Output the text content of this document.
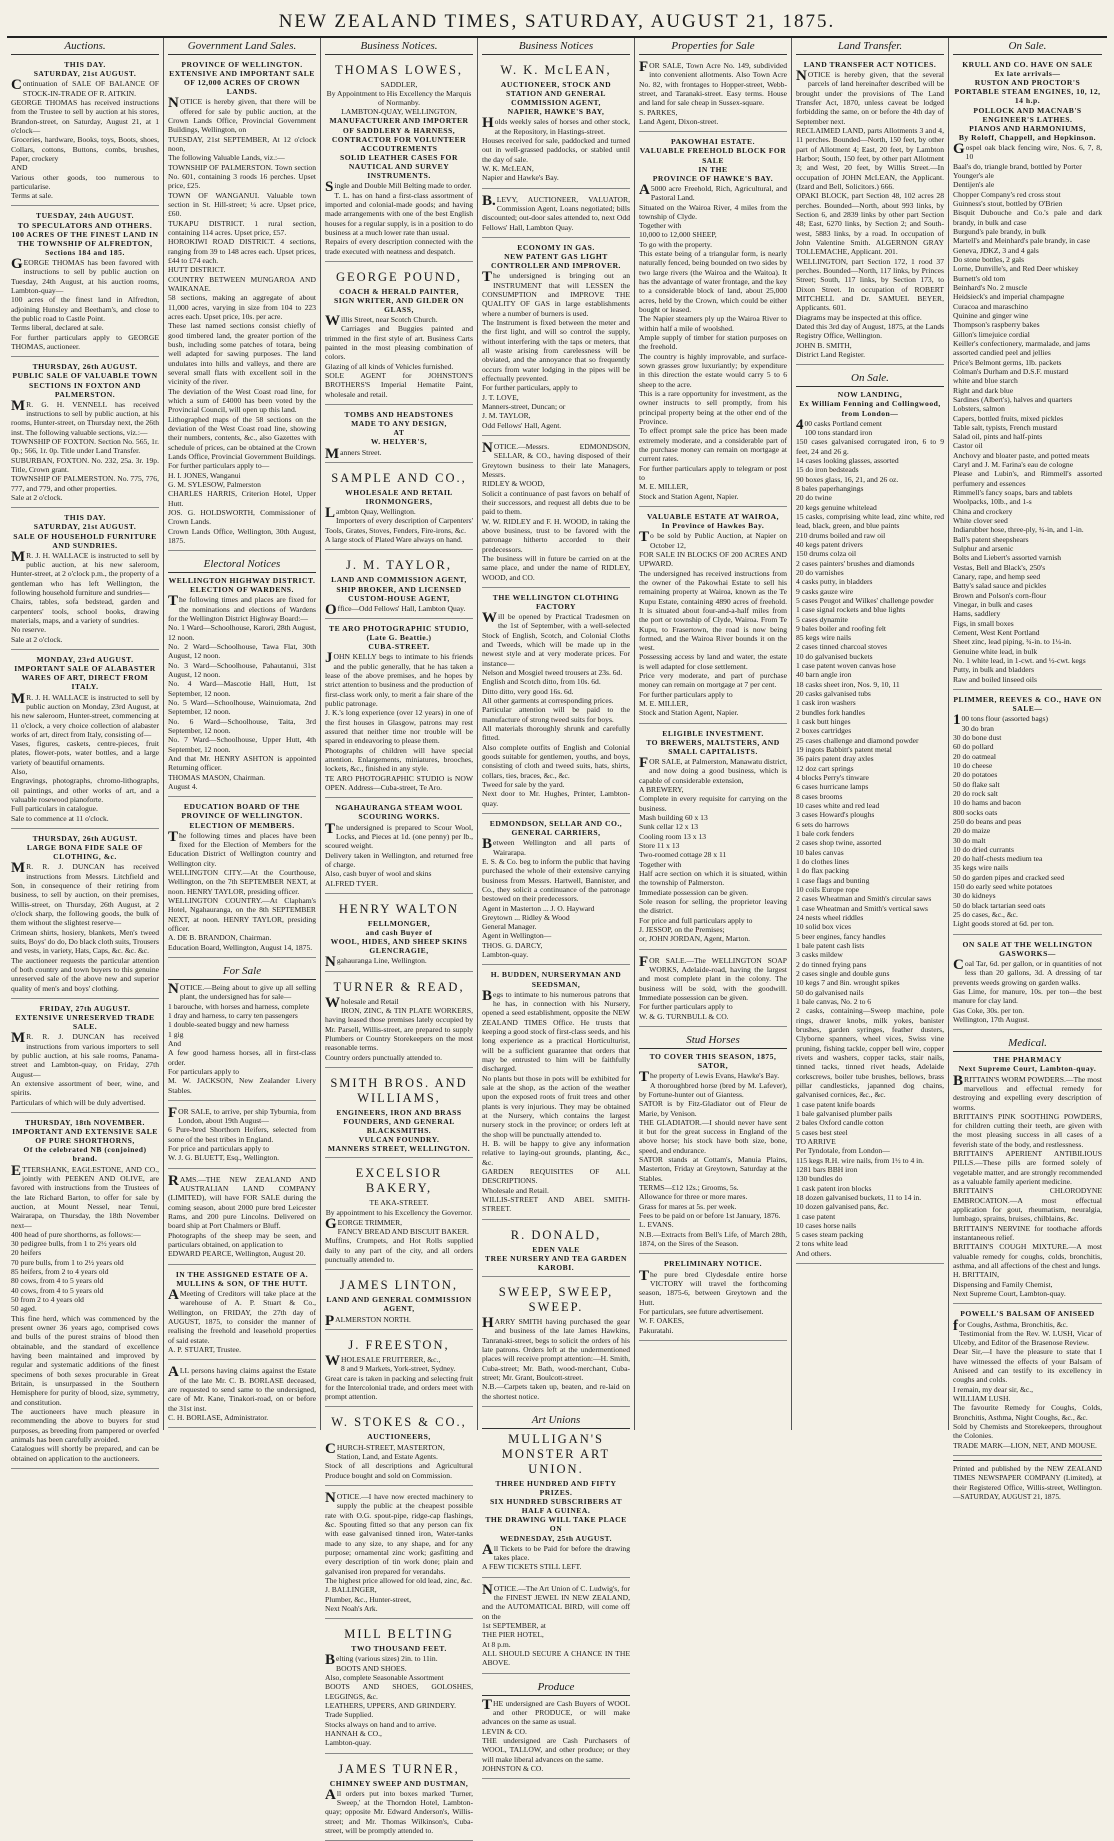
NEW ZEALAND TIMES, SATURDAY, AUGUST 21, 1875.
Auctions.
THIS DAY.
SATURDAY, 21st AUGUST.
Continuation of SALE OF BALANCE OF STOCK-IN-TRADE OF R. AITKIN.
GEORGE THOMAS has received instructions from the Trustee to sell by auction at his stores, Brandon-street, on Saturday, August 21, at 1 o'clock—
Groceries, hardware, Books, toys, Boots, shoes, Collars, cottons, Buttons, combs, brushes, Paper, crockery
AND
Various other goods, too numerous to particularise.
Terms at sale.
TUESDAY, 24th AUGUST.
TO SPECULATORS AND OTHERS.
100 ACRES OF THE FINEST LAND IN THE TOWNSHIP OF ALFREDTON, Sections 184 and 185.
GEORGE THOMAS has been favored with instructions to sell by public auction on Tuesday, 24th August, at his auction rooms, Lambton-quay—
100 acres of the finest land in Alfredton, adjoining Hunsley and Beetham's, and close to the public road to Castle Point.
Terms liberal, declared at sale.
For further particulars apply to GEORGE THOMAS, auctioneer.
THURSDAY, 26th AUGUST.
PUBLIC SALE OF VALUABLE TOWN SECTIONS IN FOXTON AND PALMERSTON.
MR. G. H. VENNELL has received instructions to sell by public auction, at his rooms, Hunter-street, on Thursday next, the 26th inst. The following valuable sections, viz.:—
TOWNSHIP OF FOXTON. Section No. 565, 1r. 0p.; 566, 1r. 0p. Title under Land Transfer.
SUBURBAN, FOXTON. No. 232, 25a. 3r. 19p. Title, Crown grant.
TOWNSHIP OF PALMERSTON. No. 775, 776, 777, and 779, and other properties.
Sale at 2 o'clock.
THIS DAY.
SATURDAY, 21st AUGUST.
SALE OF HOUSEHOLD FURNITURE AND SUNDRIES.
MR. J. H. WALLACE is instructed to sell by public auction, at his new saleroom, Hunter-street, at 2 o'clock p.m., the property of a gentleman who has left Wellington, the following household furniture and sundries—
Chairs, tables, sofa bedstead, garden and carpenters' tools, school books, drawing materials, maps, and a variety of sundries.
No reserve.
Sale at 2 o'clock.
MONDAY, 23rd AUGUST.
IMPORTANT SALE OF ALABASTER WARES OF ART, DIRECT FROM ITALY.
MR. J. H. WALLACE is instructed to sell by public auction on Monday, 23rd August, at his new saleroom, Hunter-street, commencing at 11 o'clock, a very choice collection of alabaster works of art, direct from Italy, consisting of—
Vases, figures, caskets, centre-pieces, fruit plates, flower-pots, water bottles, and a large variety of beautiful ornaments.
Also,
Engravings, photographs, chromo-lithographs, oil paintings, and other works of art, and a valuable rosewood pianoforte.
Full particulars in catalogue.
Sale to commence at 11 o'clock.
THURSDAY, 26th AUGUST.
LARGE BONA FIDE SALE OF CLOTHING, &c.
MR. R. J. DUNCAN has received instructions from Messrs. Litchfield and Son, in consequence of their retiring from business, to sell by auction, on their premises, Willis-street, on Thursday, 26th August, at 2 o'clock sharp, the following goods, the bulk of them without the slightest reserve—
Crimean shirts, hosiery, blankets, Men's tweed suits, Boys' do do, Do black cloth suits, Trousers and vests, in variety, Hats, Caps, &c. &c. &c.
The auctioneer requests the particular attention of both country and town buyers to this genuine unreserved sale of the above new and superior quality of men's and boys' clothing.
FRIDAY, 27th AUGUST.
EXTENSIVE UNRESERVED TRADE SALE.
MR. R. J. DUNCAN has received instructions from various importers to sell by public auction, at his sale rooms, Panama-street and Lambton-quay, on Friday, 27th August—
An extensive assortment of beer, wine, and spirits.
Particulars of which will be duly advertised.
THURSDAY, 18th NOVEMBER.
IMPORTANT AND EXTENSIVE SALE OF PURE SHORTHORNS,
Of the celebrated NB (conjoined) brand.
ETTERSHANK, EAGLESTONE, AND CO., jointly with PEEKEN AND OLIVE, are favored with instructions from the Trustees of the late Richard Barton, to offer for sale by auction, at Mount Nessel, near Tenui, Wairarapa, on Thursday, the 18th November next—
400 head of pure shorthorns, as follows:—
30 pedigree bulls, from 1 to 2½ years old
20 heifers
70 pure bulls, from 1 to 2½ years old
85 heifers, from 2 to 4 years old
80 cows, from 4 to 5 years old
40 cows, from 4 to 5 years old
50 from 2 to 4 years old
50 aged.
This fine herd, which was commenced by the present owner 36 years ago, comprised cows and bulls of the purest strains of blood then obtainable, and the standard of excellence having been maintained and improved by regular and systematic additions of the finest specimens of both sexes procurable in Great Britain, is unsurpassed in the Southern Hemisphere for purity of blood, size, symmetry, and constitution.
The auctioneers have much pleasure in recommending the above to buyers for stud purposes, as breeding from pampered or overfed animals has been carefully avoided.
Catalogues will shortly be prepared, and can be obtained on application to the auctioneers.
Government Land Sales.
PROVINCE OF WELLINGTON.
EXTENSIVE AND IMPORTANT SALE OF 12,000 ACRES OF CROWN LANDS.
NOTICE is hereby given, that there will be offered for sale by public auction, at the Crown Lands Office, Provincial Government Buildings, Wellington, on
TUESDAY, 21st SEPTEMBER, At 12 o'clock noon,
The following Valuable Lands, viz.:—
TOWNSHIP OF PALMERSTON. Town section No. 601, containing 3 roods 16 perches. Upset price, £25.
TOWN OF WANGANUI. Valuable town section in St. Hill-street; ¼ acre. Upset price, £60.
TUKAPU DISTRICT. 1 rural section, containing 114 acres. Upset price, £57.
HOROKIWI ROAD DISTRICT. 4 sections, ranging from 39 to 148 acres each. Upset prices, £44 to £74 each.
HUTT DISTRICT.
COUNTRY BETWEEN MUNGAROA AND WAIKANAE.
58 sections, making an aggregate of about 11,000 acres, varying in size from 104 to 223 acres each. Upset price, 10s. per acre.
These last named sections consist chiefly of good timbered land, the greater portion of the bush, including some patches of totara, being well adapted for sawing purposes. The land undulates into hills and valleys, and there are several small flats with excellent soil in the vicinity of the river.
The deviation of the West Coast road line, for which a sum of £4000 has been voted by the Provincial Council, will open up this land.
Lithographed maps of the 58 sections on the deviation of the West Coast road line, showing their numbers, contents, &c., also Gazettes with schedule of prices, can be obtained at the Crown Lands Office, Provincial Government Buildings.
For further particulars apply to—
H. I. JONES, Wanganui
G. M. SYLESOW, Palmerston
CHARLES HARRIS, Criterion Hotel, Upper Hutt.
JOS. G. HOLDSWORTH, Commissioner of Crown Lands.
Crown Lands Office, Wellington, 30th August, 1875.
Electoral Notices
WELLINGTON HIGHWAY DISTRICT.
ELECTION OF WARDENS.
The following times and places are fixed for the nominations and elections of Wardens for the Wellington District Highway Board:—
No. 1 Ward—Schoolhouse, Karori, 28th August, 12 noon.
No. 2 Ward—Schoolhouse, Tawa Flat, 30th August, 12 noon.
No. 3 Ward—Schoolhouse, Pahautanui, 31st August, 12 noon.
No. 4 Ward—Mascotie Hall, Hutt, 1st September, 12 noon.
No. 5 Ward—Schoolhouse, Wainuiomata, 2nd September, 12 noon.
No. 6 Ward—Schoolhouse, Taita, 3rd September, 12 noon.
No. 7 Ward—Schoolhouse, Upper Hutt, 4th September, 12 noon.
And that Mr. HENRY ASHTON is appointed Returning officer.
THOMAS MASON, Chairman.
August 4.
EDUCATION BOARD OF THE PROVINCE OF WELLINGTON.
ELECTION OF MEMBERS.
The following times and places have been fixed for the Election of Members for the Education District of Wellington country and Wellington city.
WELLINGTON CITY.—At the Courthouse, Wellington, on the 7th SEPTEMBER NEXT, at noon. HENRY TAYLOR, presiding officer.
WELLINGTON COUNTRY.—At Clapham's Hotel, Ngahauranga, on the 8th SEPTEMBER NEXT, at noon. HENRY TAYLOR, presiding officer.
A. DE B. BRANDON, Chairman.
Education Board, Wellington, August 14, 1875.
For Sale
NOTICE.—Being about to give up all selling plant, the undersigned has for sale—
1 barouche, with horses and harness, complete
1 dray and harness, to carry ten passengers
1 double-seated buggy and new harness
1 gig
And
A few good harness horses, all in first-class order.
For particulars apply to
M. W. JACKSON, New Zealander Livery Stables.
FOR SALE, to arrive, per ship Tyburnia, from London, about 19th August—
6 Pure-bred Shorthorn Heifers, selected from some of the best tribes in England.
For price and particulars apply to
W. J. G. BLUETT, Esq., Wellington.
RAMS.—THE NEW ZEALAND AND AUSTRALIAN LAND COMPANY (LIMITED), will have FOR SALE during the coming season, about 2000 pure bred Leicester Rams, and 200 pure Lincolns. Delivered on board ship at Port Chalmers or Bluff.
Photographs of the sheep may be seen, and particulars obtained, on application to
EDWARD PEARCE, Wellington, August 20.
IN THE ASSIGNED ESTATE OF A. MULLINS & SON, OF THE HUTT.
AMeeting of Creditors will take place at the warehouse of A. P. Stuart & Co., Wellington, on FRIDAY, the 27th day of AUGUST, 1875, to consider the manner of realising the freehold and leasehold properties of said estate.
A. P. STUART, Trustee.
ALL persons having claims against the Estate of the late Mr. C. B. BORLASE deceased, are requested to send same to the undersigned, care of Mr. Kane, Tinakori-road, on or before the 31st inst.
C. H. BORLASE, Administrator.
Business Notices.
THOMAS LOWES,
SADDLER,
By Appointment to His Excellency the Marquis of Normanby.
LAMBTON-QUAY, WELLINGTON,
MANUFACTURER AND IMPORTER OF SADDLERY & HARNESS,
CONTRACTOR FOR VOLUNTEER ACCOUTREMENTS
SOLID LEATHER CASES FOR NAUTICAL AND SURVEY INSTRUMENTS.
Single and Double Mill Belting made to order.
T. L. has on hand a first-class assortment of imported and colonial-made goods; and having made arrangements with one of the best English houses for a regular supply, is in a position to do business at a much lower rate than usual.
Repairs of every description connected with the trade executed with neatness and despatch.
GEORGE POUND,
COACH & HERALD PAINTER,
SIGN WRITER, AND GILDER ON GLASS,
Willis Street, near Scotch Church.
Carriages and Buggies painted and trimmed in the first style of art. Business Carts painted in the most pleasing combination of colors.
Glazing of all kinds of Vehicles furnished.
SOLE AGENT for JOHNSTON'S BROTHERS'S Imperial Hematite Paint, wholesale and retail.
TOMBS AND HEADSTONES
MADE TO ANY DESIGN,
AT
W. HELYER'S,
Manners Street.
SAMPLE AND CO.,
WHOLESALE AND RETAIL IRONMONGERS,
Lambton Quay, Wellington.
Importers of every description of Carpenters' Tools, Grates, Stoves, Fenders, Fire-irons, &c.
A large stock of Plated Ware always on hand.
J. M. TAYLOR,
LAND AND COMMISSION AGENT, SHIP BROKER, AND LICENSED CUSTOM-HOUSE AGENT,
Office—Odd Fellows' Hall, Lambton Quay.
TE ARO PHOTOGRAPHIC STUDIO,
(Late G. Beattie.)
CUBA-STREET.
JOHN KELLY begs to intimate to his friends and the public generally, that he has taken a lease of the above premises, and he hopes by strict attention to business and the production of first-class work only, to merit a fair share of the public patronage.
J. K.'s long experience (over 12 years) in one of the first houses in Glasgow, patrons may rest assured that neither time nor trouble will be spared in endeavoring to please them.
Photographs of children will have special attention. Enlargements, miniatures, brooches, lockets, &c., finished in any style.
TE ARO PHOTOGRAPHIC STUDIO is NOW OPEN. Address—Cuba-street, Te Aro.
NGAHAURANGA STEAM WOOL SCOURING WORKS.
The undersigned is prepared to Scour Wool, Locks, and Pieces at 1d. (one penny) per lb., scoured weight.
Delivery taken in Wellington, and returned free of charge.
Also, cash buyer of wool and skins
ALFRED TYER.
HENRY WALTON
FELLMONGER,
and cash Buyer of
WOOL, HIDES, AND SHEEP SKINS
GLENCRAGIE,
Ngahauranga Line, Wellington.
TURNER & READ,
Wholesale and Retail
IRON, ZINC, & TIN PLATE WORKERS, having leased those premises lately occupied by Mr. Parsell, Willis-street, are prepared to supply Plumbers or Country Storekeepers on the most reasonable terms.
Country orders punctually attended to.
SMITH BROS. AND WILLIAMS,
ENGINEERS, IRON AND BRASS FOUNDERS, AND GENERAL BLACKSMITHS.
VULCAN FOUNDRY.
MANNERS STREET, WELLINGTON.
EXCELSIOR BAKERY,
TE AKA-STREET.
By appointment to his Excellency the Governor.
GEORGE TRIMMER,
FANCY BREAD AND BISCUIT BAKER.
Muffins, Crumpets, and Hot Rolls supplied daily to any part of the city, and all orders punctually attended to.
JAMES LINTON,
LAND AND GENERAL COMMISSION AGENT,
PALMERSTON NORTH.
J. FREESTON,
WHOLESALE FRUITERER, &c.,
8 and 9 Markets, York-street, Sydney.
Great care is taken in packing and selecting fruit for the Intercolonial trade, and orders meet with prompt attention.
W. STOKES & CO.,
AUCTIONEERS,
CHURCH-STREET, MASTERTON,
Station, Land, and Estate Agents.
Stock of all descriptions and Agricultural Produce bought and sold on Commission.
NOTICE.—I have now erected machinery to supply the public at the cheapest possible rate with O.G. spout-pipe, ridge-cap flashings, &c. Spouting fitted so that any person can fix with ease galvanised tinned iron, Water-tanks made to any size, to any shape, and for any purpose; ornamental zinc work; gasfitting and every description of tin work done; plain and galvanised iron prepared for verandahs.
The highest price allowed for old lead, zinc, &c.
J. BALLINGER,
Plumber, &c., Hunter-street,
Next Noah's Ark.
MILL BELTING
TWO THOUSAND FEET.
Belting (various sizes) 2in. to 11in.
BOOTS AND SHOES.
Also, complete Seasonable Assortment
BOOTS AND SHOES, GOLOSHES, LEGGINGS, &c.
LEATHERS, UPPERS, AND GRINDERY.
Trade Supplied.
Stocks always on hand and to arrive.
HANNAH & CO.,
Lambton-quay.
JAMES TURNER,
CHIMNEY SWEEP AND DUSTMAN,
All orders put into boxes marked 'Turner, Sweep,' at the Thorndon Hotel, Lambton-quay; opposite Mr. Edward Anderson's, Willis-street; and Mr. Thomas Wilkinson's, Cuba-street, will be promptly attended to.
Business Notices
W. K. McLEAN,
AUCTIONEER, STOCK AND STATION AND GENERAL COMMISSION AGENT,
NAPIER, HAWKE'S BAY,
Holds weekly sales of horses and other stock, at the Repository, in Hastings-street.
Houses received for sale, paddocked and turned out in well-grassed paddocks, or stabled until the day of sale.
W. K. McLEAN,
Napier and Hawke's Bay.
B.LEVY, AUCTIONEER, VALUATOR, Commission Agent, Loans negotiated; bills discounted; out-door sales attended to, next Odd Fellows' Hall, Lambton Quay.
ECONOMY IN GAS.
NEW PATENT GAS LIGHT CONTROLLER AND IMPROVER.
The undersigned is bringing out an INSTRUMENT that will LESSEN the CONSUMPTION and IMPROVE THE QUALITY OF GAS in large establishments where a number of burners is used.
The Instrument is fixed between the meter and the first light, and will so control the supply, without interfering with the taps or meters, that all waste arising from carelessness will be obviated, and the annoyance that so frequently occurs from water lodging in the pipes will be effectually prevented.
For further particulars, apply to
J. T. LOVE,
Manners-street, Duncan; or
J. M. TAYLOR,
Odd Fellows' Hall, Agent.
NOTICE.—Messrs. EDMONDSON, SELLAR, & CO., having disposed of their Greytown business to their late Managers, Messrs.
RIDLEY & WOOD,
Solicit a continuance of past favors on behalf of their successors, and request all debts due to be paid to them.
W. W. RIDLEY and F. H. WOOD, in taking the above business, trust to be favored with the patronage hitherto accorded to their predecessors.
The business will in future be carried on at the same place, and under the name of RIDLEY, WOOD, and CO.
THE WELLINGTON CLOTHING FACTORY
Will be opened by Practical Tradesmen on the 1st of September, with a well-selected Stock of English, Scotch, and Colonial Cloths and Tweeds, which will be made up in the newest style and at very moderate prices. For instance—
Nelson and Mosgiel tweed trousers at 23s. 6d.
English and Scotch ditto, from 10s. 6d.
Ditto ditto, very good 16s. 6d.
All other garments at corresponding prices.
Particular attention will be paid to the manufacture of strong tweed suits for boys.
All materials thoroughly shrunk and carefully fitted.
Also complete outfits of English and Colonial goods suitable for gentlemen, youths, and boys, consisting of cloth and tweed suits, hats, shirts, collars, ties, braces, &c., &c.
Tweed for sale by the yard.
Next door to Mr. Hughes, Printer, Lambton-quay.
EDMONDSON, SELLAR AND CO.,
GENERAL CARRIERS,
Between Wellington and all parts of Wairarapa.
E. S. & Co. beg to inform the public that having purchased the whole of their extensive carrying business from Messrs. Hartwell, Bannister, and Co., they solicit a continuance of the patronage bestowed on their predecessors.
Agent in Masterton ... J. O. Hayward
Greytown ... Ridley & Wood
General Manager.
Agent in Wellington—
THOS. G. DARCY,
Lambton-quay.
H. BUDDEN, NURSERYMAN AND SEEDSMAN,
Begs to intimate to his numerous patrons that he has, in connection with his Nursery, opened a seed establishment, opposite the NEW ZEALAND TIMES Office. He trusts that keeping a good stock of first-class seeds, and his long experience as a practical Horticulturist, will be a sufficient guarantee that orders that may be entrusted to him will be faithfully discharged.
No plants but those in pots will be exhibited for sale at the shop, as the action of the weather upon the exposed roots of fruit trees and other plants is very injurious. They may be obtained at the Nursery, which contains the largest nursery stock in the province; or orders left at the shop will be punctually attended to.
H. B. will be happy to give any information relative to laying-out grounds, planting, &c., &c.
GARDEN REQUISITES OF ALL DESCRIPTIONS.
Wholesale and Retail.
WILLIS-STREET AND ABEL SMITH-STREET.
R. DONALD,
EDEN VALE
TREE NURSERY AND TEA GARDEN KAROBI.
SWEEP, SWEEP, SWEEP.
HARRY SMITH having purchased the gear and business of the late James Hawkins, Tanranaki-street, begs to solicit the orders of his late patrons. Orders left at the undermentioned places will receive prompt attention:—H. Smith, Cuba-street; Mr. Bath, wood-merchant, Cuba-street; Mr. Grant, Boulcott-street.
N.B.—Carpets taken up, beaten, and re-laid on the shortest notice.
Art Unions
MULLIGAN'S MONSTER ART UNION.
THREE HUNDRED AND FIFTY PRIZES.
SIX HUNDRED SUBSCRIBERS AT HALF A GUINEA.
THE DRAWING WILL TAKE PLACE ON
WEDNESDAY, 25th AUGUST.
All Tickets to be Paid for before the drawing takes place.
A FEW TICKETS STILL LEFT.
NOTICE.—The Art Union of C. Ludwig's, for the FINEST JEWEL IN NEW ZEALAND, and the AUTOMATICAL BIRD, will come off on the
1st SEPTEMBER, at
THE PIER HOTEL,
At 8 p.m.
ALL SHOULD SECURE A CHANCE IN THE ABOVE.
Produce
THE undersigned are Cash Buyers of WOOL and other PRODUCE, or will make advances on the same as usual.
LEVIN & CO.
THE undersigned are Cash Purchasers of WOOL, TALLOW, and other produce; or they will make liberal advances on the same.
JOHNSTON & CO.
Properties for Sale
FOR SALE, Town Acre No. 149, subdivided into convenient allotments. Also Town Acre No. 82, with frontages to Hopper-street, Webb-street, and Taranaki-street. Easy terms. House and land for sale cheap in Sussex-square.
S. PARKES,
Land Agent, Dixon-street.
PAKOWHAI ESTATE.
VALUABLE FREEHOLD BLOCK FOR SALE
IN THE
PROVINCE OF HAWKE'S BAY.
A5000 acre Freehold, Rich, Agricultural, and Pastoral Land.
Situated on the Wairoa River, 4 miles from the township of Clyde.
Together with
10,000 to 12,000 SHEEP,
To go with the property.
This estate being of a triangular form, is nearly naturally fenced, being bounded on two sides by two large rivers (the Wairoa and the Waitoa). It has the advantage of water frontage, and the key to a considerable block of land, about 25,000 acres, held by the Crown, which could be either bought or leased.
The Napier steamers ply up the Wairoa River to within half a mile of woolshed.
Ample supply of timber for station purposes on the freehold.
The country is highly improvable, and surface-sown grasses grow luxuriantly; by expenditure in this direction the estate would carry 5 to 6 sheep to the acre.
This is a rare opportunity for investment, as the owner instructs to sell promptly, from his principal property being at the other end of the Province.
To effect prompt sale the price has been made extremely moderate, and a considerable part of the purchase money can remain on mortgage at current rates.
For further particulars apply to telegram or post to
M. E. MILLER,
Stock and Station Agent, Napier.
VALUABLE ESTATE AT WAIROA,
In Province of Hawkes Bay.
To be sold by Public Auction, at Napier on October 12,
FOR SALE IN BLOCKS OF 200 ACRES AND UPWARD.
The undersigned has received instructions from the owner of the Pakowhai Estate to sell his remaining property at Wairoa, known as the Te Kupu Estate, containing 4890 acres of freehold. It is situated about four-and-a-half miles from the port or township of Clyde, Wairoa. From Te Kupu, to Frasertown, the road is now being formed, and the Wairoa River bounds it on the west.
Possessing access by land and water, the estate is well adapted for close settlement.
Price very moderate, and part of purchase money can remain on mortgage at 7 per cent.
For further particulars apply to
M. E. MILLER,
Stock and Station Agent, Napier.
ELIGIBLE INVESTMENT.
TO BREWERS, MALTSTERS, AND SMALL CAPITALISTS.
FOR SALE, at Palmerston, Manawatu district, and now doing a good business, which is capable of considerable extension,
A BREWERY,
Complete in every requisite for carrying on the business.
Mash building 60 x 13
Sunk cellar 12 x 13
Cooling room 13 x 13
Store 11 x 13
Two-roomed cottage 28 x 11
Together with
Half acre section on which it is situated, within the township of Palmerston.
Immediate possession can be given.
Sole reason for selling, the proprietor leaving the district.
For price and full particulars apply to
J. JESSOP, on the Premises;
or, JOHN JORDAN, Agent, Marton.
FOR SALE.—The WELLINGTON SOAP WORKS, Adelaide-road, having the largest and most complete plant in the colony. The business will be sold, with the goodwill. Immediate possession can be given.
For further particulars apply to
W. & G. TURNBULL & CO.
Stud Horses
TO COVER THIS SEASON, 1875,
SATOR,
The property of Lewis Evans, Hawke's Bay.
A thoroughbred horse (bred by M. Lafever), by Fortune-hunter out of Giantess.
SATOR is by Fitz-Gladiator out of Fleur de Marie, by Venison.
THE GLADIATOR.—I should never have sent it but for the great success in England of the above horse; his stock have both size, bone, speed, and endurance.
SATOR stands at Cottam's, Manuia Plains, Masterton, Friday at Greytown, Saturday at the Stables.
TERMS—£12 12s.; Grooms, 5s.
Allowance for three or more mares.
Grass for mares at 5s. per week.
Fees to be paid on or before 1st January, 1876.
L. EVANS.
N.B.—Extracts from Bell's Life, of March 28th, 1874, on the Sires of the Season.
PRELIMINARY NOTICE.
The pure bred Clydesdale entire horse VICTORY will travel the forthcoming season, 1875-6, between Greytown and the Hutt.
For particulars, see future advertisement.
W. F. OAKES,
Pakuratahi.
Land Transfer.
LAND TRANSFER ACT NOTICES.
NOTICE is hereby given, that the several parcels of land hereinafter described will be brought under the provisions of The Land Transfer Act, 1870, unless caveat be lodged forbidding the same, on or before the 4th day of September next.
RECLAIMED LAND, parts Allotments 3 and 4, 11 perches. Bounded—North, 150 feet, by other part of Allotment 4; East, 20 feet, by Lambton Harbor; South, 150 feet, by other part Allotment 3; and West, 20 feet, by Willis Street.—In occupation of JOHN McLEAN, the Applicant. (Izard and Bell, Solicitors.) 666.
OPAKI BLOCK, part Section 48, 102 acres 28 perches. Bounded—North, about 993 links, by Section 6, and 2839 links by other part Section 48; East, 6270 links, by Section 2; and South-west, 5883 links, by a road. In occupation of John Valentine Smith. ALGERNON GRAY TOLLEMACHE, Applicant. 201.
WELLINGTON, part Section 172, 1 rood 37 perches. Bounded—North, 117 links, by Princes Street; South, 117 links, by Section 173, to Dixon Street. In occupation of ROBERT MITCHELL and Dr. SAMUEL BEYER, Applicants. 601.
Diagrams may be inspected at this office.
Dated this 3rd day of August, 1875, at the Lands Registry Office, Wellington.
JOHN B. SMITH,
District Land Register.
On Sale.
NOW LANDING,
Ex William Fenning and Collingwood, from London—
400 casks Portland cement
100 tons standard iron
150 cases galvanised corrugated iron, 6 to 9 feet, 24 and 26 g.
14 cases looking glasses, assorted
15 do iron bedsteads
90 boxes glass, 16, 21, and 26 oz.
8 bales paperhangings
20 do twine
20 kegs genuine whitelead
15 casks, comprising white lead, zinc white, red lead, black, green, and blue paints
210 drums boiled and raw oil
40 kegs patent drivers
150 drums colza oil
2 cases painters' brushes and diamonds
20 do varnishes
4 casks putty, in bladders
9 casks gauze wire
5 cases Peugot and Wilkes' challenge powder
1 case signal rockets and blue lights
5 cases dynamite
9 bales boiler and roofing felt
85 kegs wire nails
2 cases tinned charcoal stoves
10 do galvanised buckets
1 case patent woven canvas hose
40 barn angle iron
18 casks sheet iron, Nos. 9, 10, 11
20 casks galvanised tubs
1 cask iron washers
2 bundles fork handles
1 cask butt hinges
2 boxes cartridges
25 cases challenge and diamond powder
19 ingots Babbitt's patent metal
36 pairs patent dray axles
12 doz cart springs
4 blocks Perry's tinware
6 cases hurricane lamps
8 cases brooms
10 cases white and red lead
3 cases Howard's ploughs
6 sets do harrows
1 bale cork fenders
2 cases shop twine, assorted
10 bales canvas
1 do clothes lines
1 do flax packing
1 case flags and bunting
10 coils Europe rope
2 cases Wheatman and Smith's circular saws
1 case Wheatman and Smith's vertical saws
24 nests wheel riddles
10 solid box vices
5 beer engines, fancy handles
1 bale patent cash lists
3 casks mildew
2 do tinned frying pans
2 cases single and double guns
10 kegs 7 and 8in. wrought spikes
50 do galvanised nails
1 bale canvas, No. 2 to 6
2 casks, containing—Sweep machine, pole rings, drawer knobs, milk yokes, banister brushes, garden syringes, feather dusters, Clyborne spanners, wheel vices, Swiss vine pruning, fishing tackle, copper bell wire, copper rivets and washers, copper tacks, stair nails, tinned tacks, tinned rivet heads, Adelaide corkscrews, boiler tube brushes, bellows, brass pillar candlesticks, japanned dog chains, galvanised cornices, &c., &c.
1 case patent knife boards
1 bale galvanised plumber pails
2 bales Oxford candle cotton
5 cases best steel
TO ARRIVE
Per Tyndotale, from London—
115 kegs R.H. wire nails, from 1½ to 4 in.
1281 bars BBH iron
130 bundles do
1 cask patent iron blocks
18 dozen galvanised buckets, 11 to 14 in.
10 dozen galvanised pans, &c.
1 case patent
10 cases horse nails
5 cases steam packing
2 tons white lead
And others.
On Sale.
KRULL AND CO. HAVE ON SALE
Ex late arrivals—
RUSTON AND PROCTOR'S PORTABLE STEAM ENGINES, 10, 12, 14 h.p.
POLLOCK AND MACNAB'S ENGINEER'S LATHES.
PIANOS AND HARMONIUMS,
By Roloff, Chappell, and Hopkinson.
Gospel oak black fencing wire, Nos. 6, 7, 8, 10
Baal's do, triangle brand, bottled by Porter
Younger's ale
Dentijen's ale
Chopper Company's red cross stout
Guinness's stout, bottled by O'Brien
Bisquit Dubouche and Co.'s pale and dark brandy, in bulk and case
Burgund's pale brandy, in bulk
Martell's and Meinhard's pale brandy, in case
Geneva, JDKZ, 3 and 4 gals
Do stone bottles, 2 gals
Lorne, Dunville's, and Red Deer whiskey
Burnett's old tom
Beinhard's No. 2 muscle
Heidsieck's and imperial champagne
Curacoa and maraschino
Quinine and ginger wine
Thompson's raspberry bakes
Gillon's limejuice cordial
Keiller's confectionery, marmalade, and jams
assorted candied peel and jellies
Price's Belmont germs, 1lb. packets
Colman's Durham and D.S.F. mustard
white and blue starch
Right and dark blue
Sardines (Albert's), halves and quarters
Lobsters, salmon
Capers, bottled fruits, mixed pickles
Table salt, typists, French mustard
Salad oil, pints and half-pints
Castor oil
Anchovy and bloater paste, and potted meats
Caryl and J. M. Farina's eau de cologne
Please and Lubin's, and Rimmell's assorted perfumery and essences
Rimmell's fancy soaps, bars and tablets
Woolpacks, 10lb., and 1-s
China and crockery
White clover seed
Indiarubber hose, three-ply, ¾-in, and 1-in.
Ball's patent sheepshears
Sulphur and arsenic
Bolts and Liebert's assorted varnish
Vestas, Bell and Black's, 250's
Canary, rape, and hemp seed
Batty's salad sauce and pickles
Brown and Polson's corn-flour
Vinegar, in bulk and cases
Hams, saddlery
Figs, in small boxes
Cement, West Kent Portland
Sheet zinc, lead piping, ¾-in. to 1¼-in.
Genuine white lead, in bulk
No. 1 white lead, in 1-cwt. and ½-cwt. kegs
Putty, in bulk and bladders
Raw and boiled linseed oils
PLIMMER, REEVES & CO., HAVE ON SALE—
100 tons flour (assorted bags)
30 do bran
30 do bone dust
60 do pollard
20 do oatmeal
10 do cheese
20 do potatoes
50 do flake salt
20 do rock salt
10 do hams and bacon
800 socks oats
250 do beans and peas
20 do maize
30 do malt
10 do dried currants
20 do half-chests medium tea
35 kegs wire nails
50 do garden pipes and cracked seed
150 do early seed white potatoes
30 do kidneys
50 do black tartarian seed oats
25 do cases, &c., &c.
Light goods stored at 6d. per ton.
ON SALE AT THE WELLINGTON GASWORKS—
Coal Tar, 6d. per gallon, or in quantities of not less than 20 gallons, 3d. A dressing of tar prevents weeds growing on garden walks.
Gas Lime, for manure, 10s. per ton—the best manure for clay land.
Gas Coke, 30s. per ton.
Wellington, 17th August.
Medical.
THE PHARMACY
Next Supreme Court, Lambton-quay.
BRITTAIN'S WORM POWDERS.—The most marvellous and effectual remedy for destroying and expelling every description of worms.
BRITTAIN'S PINK SOOTHING POWDERS, for children cutting their teeth, are given with the most pleasing success in all cases of a feverish state of the body, and restlessness.
BRITTAIN'S APERIENT ANTIBILIOUS PILLS.—These pills are formed solely of vegetable matter, and are strongly recommended as a valuable family aperient medicine.
BRITTAIN'S CHLORODYNE EMBROCATION.—A most effectual application for gout, rheumatism, neuralgia, lumbago, sprains, bruises, chilblains, &c.
BRITTAIN'S NERVINE for toothache affords instantaneous relief.
BRITTAIN'S COUGH MIXTURE.—A most valuable remedy for coughs, colds, bronchitis, asthma, and all affections of the chest and lungs.
H. BRITTAIN,
Dispensing and Family Chemist,
Next Supreme Court, Lambton-quay.
POWELL'S BALSAM OF ANISEED
for Coughs, Asthma, Bronchitis, &c.
Testimonial from the Rev. W. LUSH, Vicar of Ulceby, and Editor of the Brasenose Review.
Dear Sir,—I have the pleasure to state that I have witnessed the effects of your Balsam of Aniseed and can testify to its excellency in coughs and colds.
I remain, my dear sir, &c.,
WILLIAM LUSH.
The favourite Remedy for Coughs, Colds, Bronchitis, Asthma, Night Coughs, &c., &c.
Sold by Chemists and Storekeepers, throughout the Colonies.
TRADE MARK—LION, NET, AND MOUSE.
Printed and published by the NEW ZEALAND TIMES NEWSPAPER COMPANY (Limited), at their Registered Office, Willis-street, Wellington.—SATURDAY, AUGUST 21, 1875.
